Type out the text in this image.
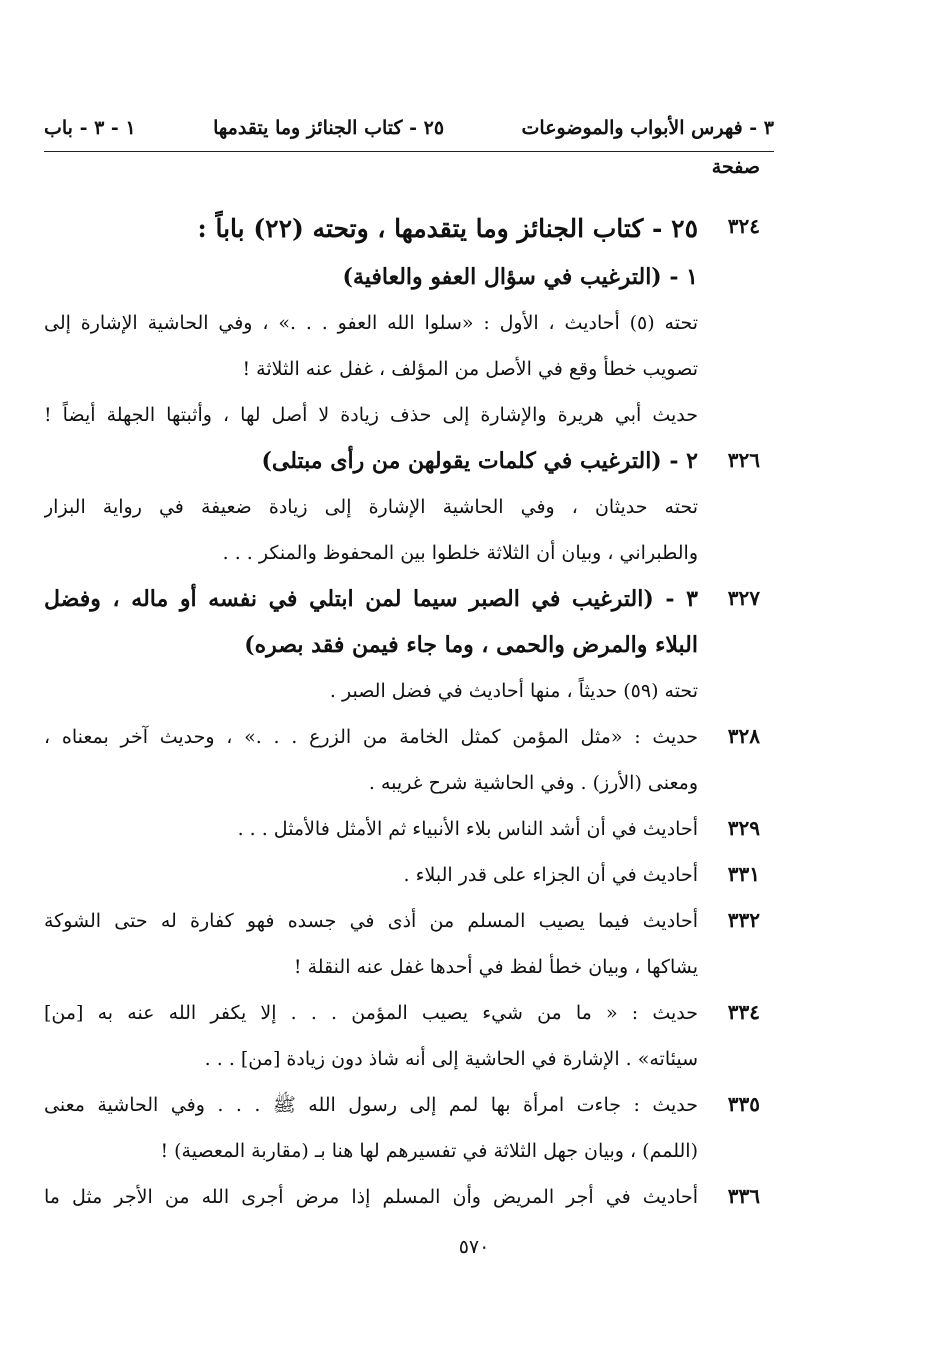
٣ - فهرس الأبواب والموضوعات
٢٥ - كتاب الجنائز وما يتقدمها
١ - ٣ - باب
صفحة
٣٢٤
٢٥ - كتاب الجنائز وما يتقدمها ، وتحته (٢٢) باباً :
١ - (الترغيب في سؤال العفو والعافية)
تحته (٥) أحاديث ، الأول : «سلوا الله العفو . . .» ، وفي الحاشية الإشارة إلى
تصويب خطأ وقع في الأصل من المؤلف ، غفل عنه الثلاثة !
حديث أبي هريرة والإشارة إلى حذف زيادة لا أصل لها ، وأثبتها الجهلة أيضاً !
٣٢٦
٢ - (الترغيب في كلمات يقولهن من رأى مبتلى)
تحته حديثان ، وفي الحاشية الإشارة إلى زيادة ضعيفة في رواية البزار
والطبراني ، وبيان أن الثلاثة خلطوا بين المحفوظ والمنكر . . .
٣٢٧
٣ - (الترغيب في الصبر سيما لمن ابتلي في نفسه أو ماله ، وفضل
البلاء والمرض والحمى ، وما جاء فيمن فقد بصره)
تحته (٥٩) حديثاً ، منها أحاديث في فضل الصبر .
٣٢٨
حديث : «مثل المؤمن كمثل الخامة من الزرع . . .» ، وحديث آخر بمعناه ،
ومعنى (الأرز) . وفي الحاشية شرح غريبه .
٣٢٩
أحاديث في أن أشد الناس بلاء الأنبياء ثم الأمثل فالأمثل . . .
٣٣١
أحاديث في أن الجزاء على قدر البلاء .
٣٣٢
أحاديث فيما يصيب المسلم من أذى في جسده فهو كفارة له حتى الشوكة
يشاكها ، وبيان خطأ لفظ في أحدها غفل عنه النقلة !
٣٣٤
حديث : « ما من شيء يصيب المؤمن . . . إلا يكفر الله عنه به [من]
سيئاته» . الإشارة في الحاشية إلى أنه شاذ دون زيادة [من] . . .
٣٣٥
حديث : جاءت امرأة بها لمم إلى رسول الله ﷺ . . . وفي الحاشية معنى
(اللمم) ، وبيان جهل الثلاثة في تفسيرهم لها هنا بـ (مقاربة المعصية) !
٣٣٦
أحاديث في أجر المريض وأن المسلم إذا مرض أجرى الله من الأجر مثل ما
٥٧٠
